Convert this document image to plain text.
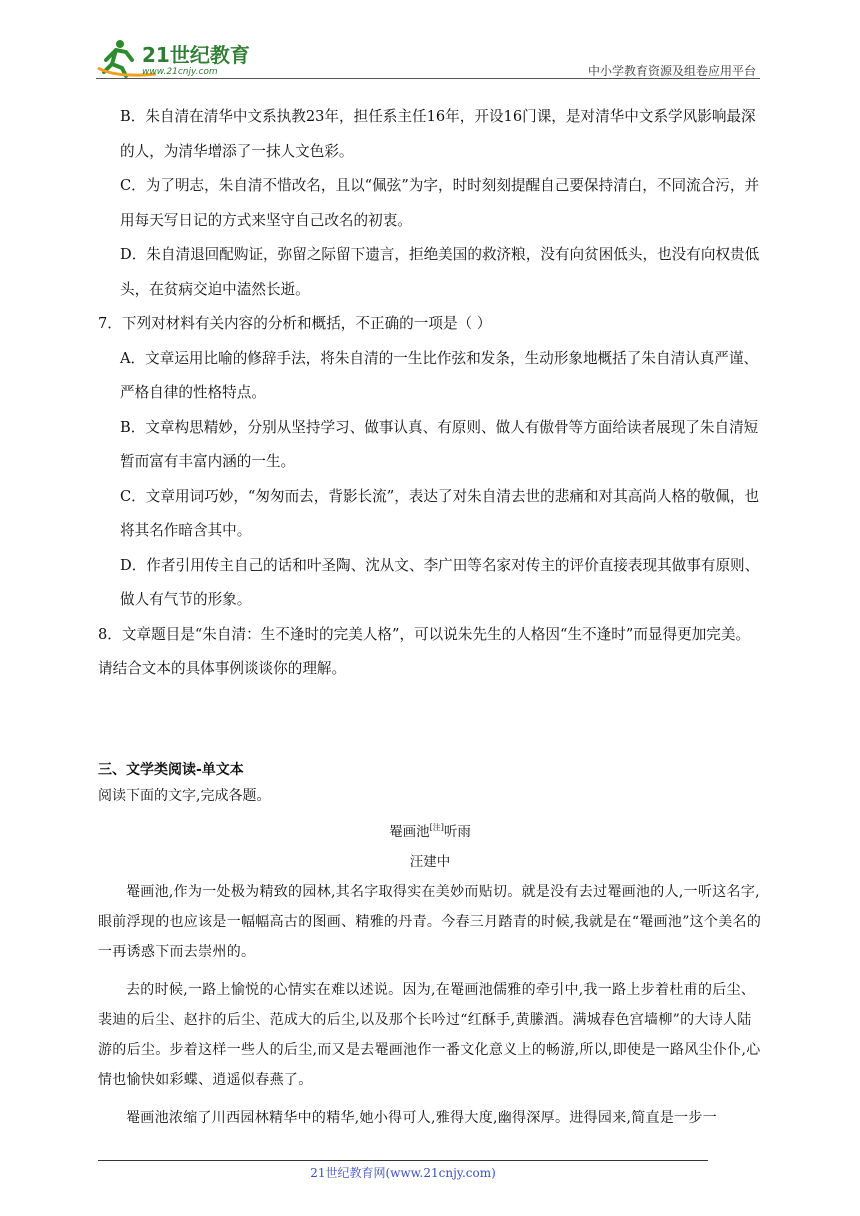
21世纪教育
www.21cnjy.com	中小学教育资源及组卷应用平台

B．朱自清在清华中文系执教23年，担任系主任16年，开设16门课，是对清华中文系学风影响最深的人，为清华增添了一抹人文色彩。

C．为了明志，朱自清不惜改名，且以“佩弦”为字，时时刻刻提醒自己要保持清白，不同流合污，并用每天写日记的方式来坚守自己改名的初衷。

D．朱自清退回配购证，弥留之际留下遗言，拒绝美国的救济粮，没有向贫困低头，也没有向权贵低头，在贫病交迫中溘然长逝。

7．下列对材料有关内容的分析和概括，不正确的一项是（ ）

A．文章运用比喻的修辞手法，将朱自清的一生比作弦和发条，生动形象地概括了朱自清认真严谨、严格自律的性格特点。

B．文章构思精妙，分别从坚持学习、做事认真、有原则、做人有傲骨等方面给读者展现了朱自清短暂而富有丰富内涵的一生。

C．文章用词巧妙，“匆匆而去，背影长流”，表达了对朱自清去世的悲痛和对其高尚人格的敬佩，也将其名作暗含其中。

D．作者引用传主自己的话和叶圣陶、沈从文、李广田等名家对传主的评价直接表现其做事有原则、做人有气节的形象。

8．文章题目是“朱自清：生不逢时的完美人格”，可以说朱先生的人格因“生不逢时”而显得更加完美。请结合文本的具体事例谈谈你的理解。

三、文学类阅读-单文本

阅读下面的文字,完成各题。

罨画池[注]听雨

汪建中

罨画池,作为一处极为精致的园林,其名字取得实在美妙而贴切。就是没有去过罨画池的人,一听这名字,眼前浮现的也应该是一幅幅高古的图画、精雅的丹青。今春三月踏青的时候,我就是在“罨画池”这个美名的一再诱惑下而去崇州的。

去的时候,一路上愉悦的心情实在难以述说。因为,在罨画池儒雅的牵引中,我一路上步着杜甫的后尘、裴迪的后尘、赵抃的后尘、范成大的后尘,以及那个长吟过“红酥手,黄縢酒。满城春色宫墙柳”的大诗人陆游的后尘。步着这样一些人的后尘,而又是去罨画池作一番文化意义上的畅游,所以,即使是一路风尘仆仆,心情也愉快如彩蝶、逍遥似春燕了。

罨画池浓缩了川西园林精华中的精华,她小得可人,雅得大度,幽得深厚。进得园来,简直是一步一

21世纪教育网(www.21cnjy.com)
